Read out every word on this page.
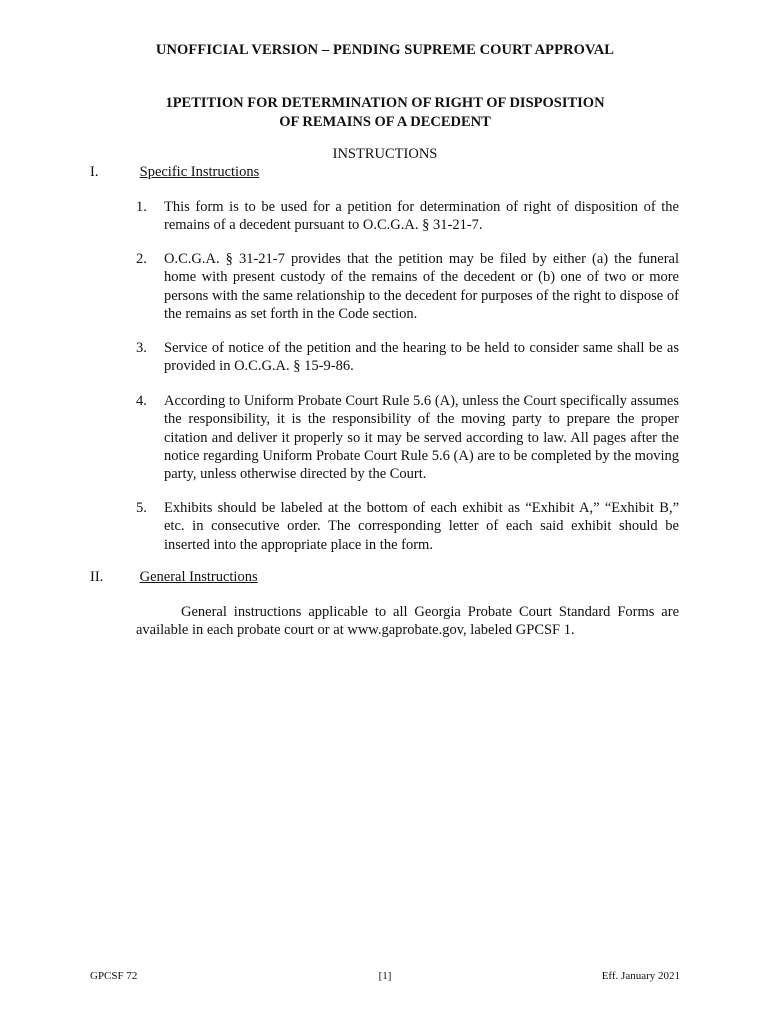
UNOFFICIAL VERSION – PENDING SUPREME COURT APPROVAL
1PETITION FOR DETERMINATION OF RIGHT OF DISPOSITION
OF REMAINS OF A DECEDENT
INSTRUCTIONS
I.	Specific Instructions
1. This form is to be used for a petition for determination of right of disposition of the remains of a decedent pursuant to O.C.G.A. § 31-21-7.
2. O.C.G.A. § 31-21-7 provides that the petition may be filed by either (a) the funeral home with present custody of the remains of the decedent or (b) one of two or more persons with the same relationship to the decedent for purposes of the right to dispose of the remains as set forth in the Code section.
3. Service of notice of the petition and the hearing to be held to consider same shall be as provided in O.C.G.A. § 15-9-86.
4. According to Uniform Probate Court Rule 5.6 (A), unless the Court specifically assumes the responsibility, it is the responsibility of the moving party to prepare the proper citation and deliver it properly so it may be served according to law. All pages after the notice regarding Uniform Probate Court Rule 5.6 (A) are to be completed by the moving party, unless otherwise directed by the Court.
5. Exhibits should be labeled at the bottom of each exhibit as “Exhibit A,” “Exhibit B,” etc. in consecutive order. The corresponding letter of each said exhibit should be inserted into the appropriate place in the form.
II.	General Instructions
General instructions applicable to all Georgia Probate Court Standard Forms are available in each probate court or at www.gaprobate.gov, labeled GPCSF 1.
GPCSF 72	[1]	Eff. January 2021
